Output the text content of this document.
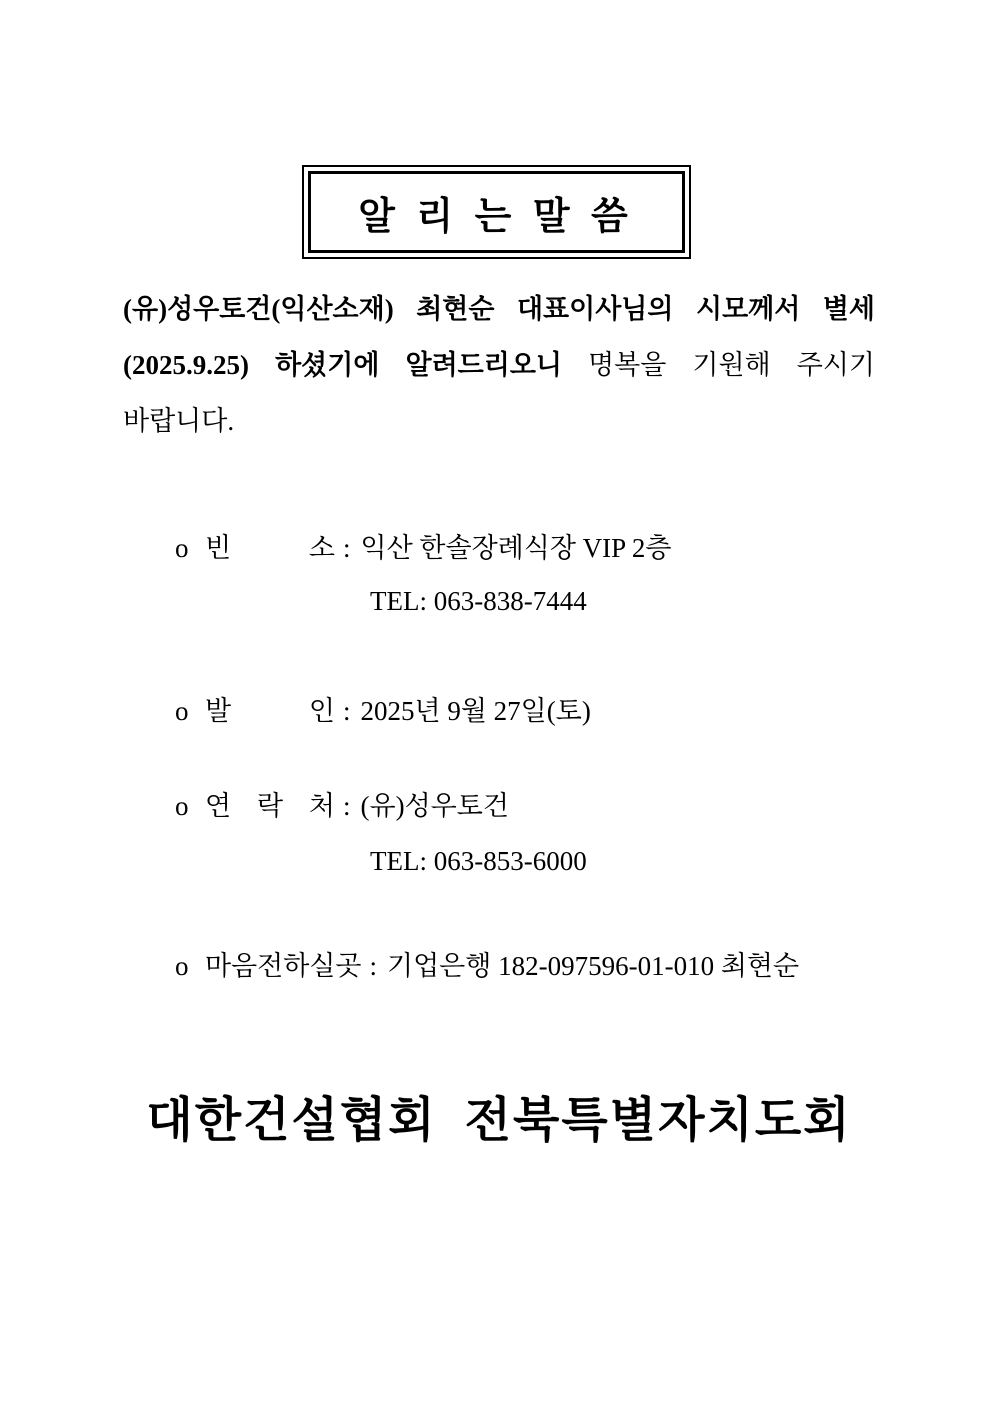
알 리 는 말 씀
(유)성우토건(익산소재) 최현순 대표이사님의 시모께서 별세
(2025.9.25) 하셨기에 알려드리오니 명복을 기원해 주시기
바랍니다.
o 빈 소 : 익산 한솔장례식장 VIP 2층
TEL: 063-838-7444
o 발 인 : 2025년 9월 27일(토)
o 연 락 처 : (유)성우토건
TEL: 063-853-6000
o 마음전하실곳 : 기업은행 182-097596-01-010 최현순
대한건설협회  전북특별자치도회
